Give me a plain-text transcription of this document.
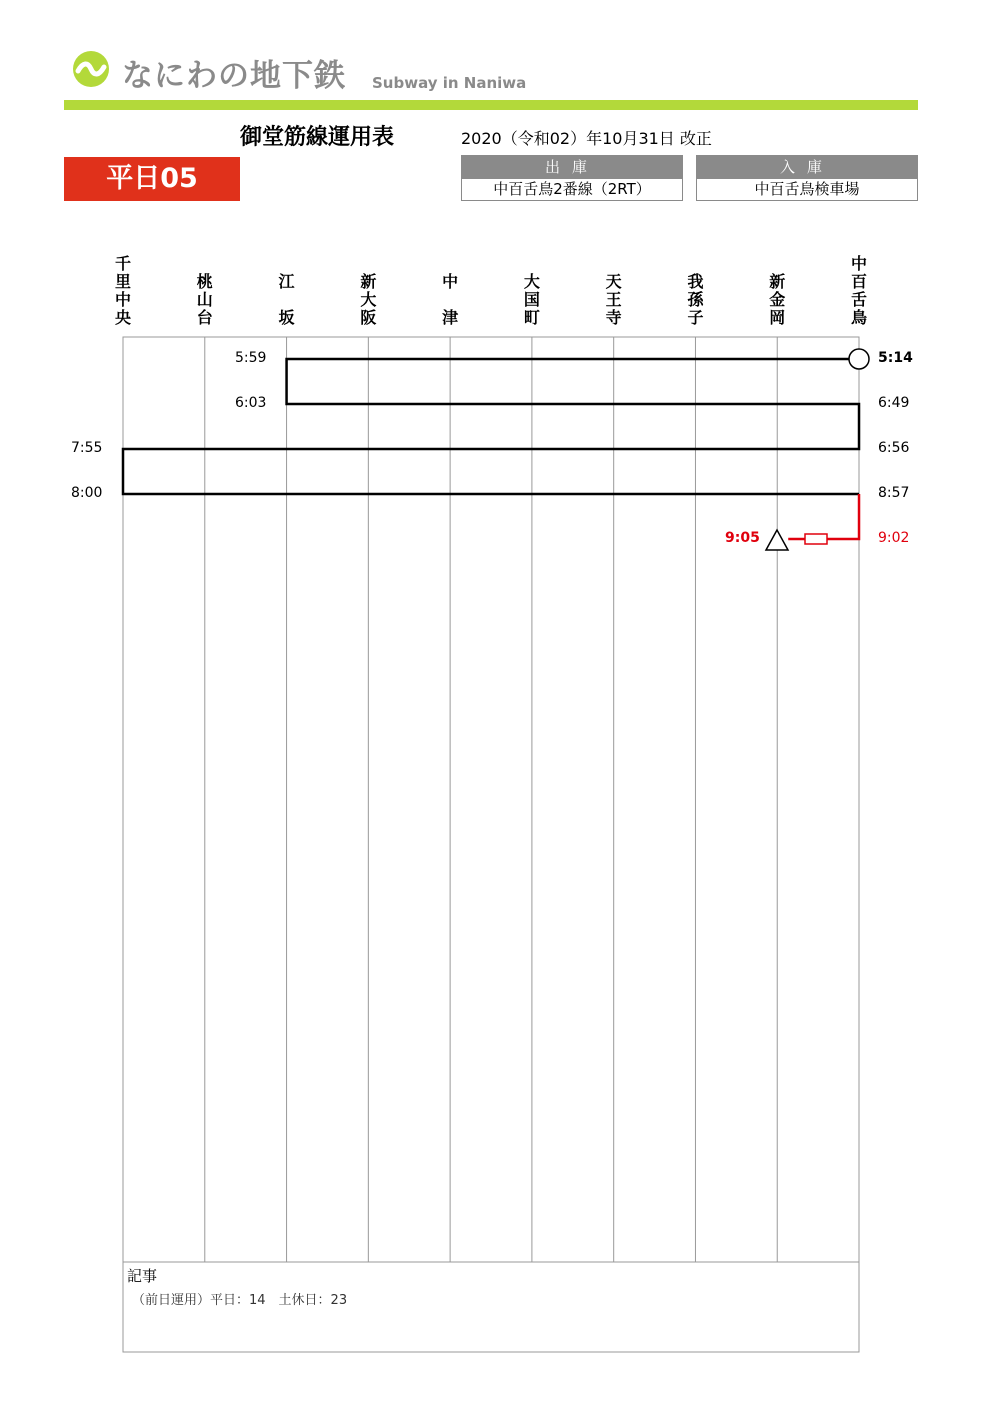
なにわの地下鉄 Subway in Naniwa
御堂筋線運用表	2020（令和02）年10月31日 改正
平日05	出庫
中百舌鳥2番線（2RT）
入庫
中百舌鳥検車場
千
里
中
央
桃
山
台
江
坂
新
大
阪
中
津
大
国
町
天
王
寺
我
孫
子
新
金
岡
中
百
舌
鳥
5:14
5:59
6:03	6:49
6:56
7:55
8:00	8:57
9:02
9:05
記事
（前日運用）平日：14　土休日：23
